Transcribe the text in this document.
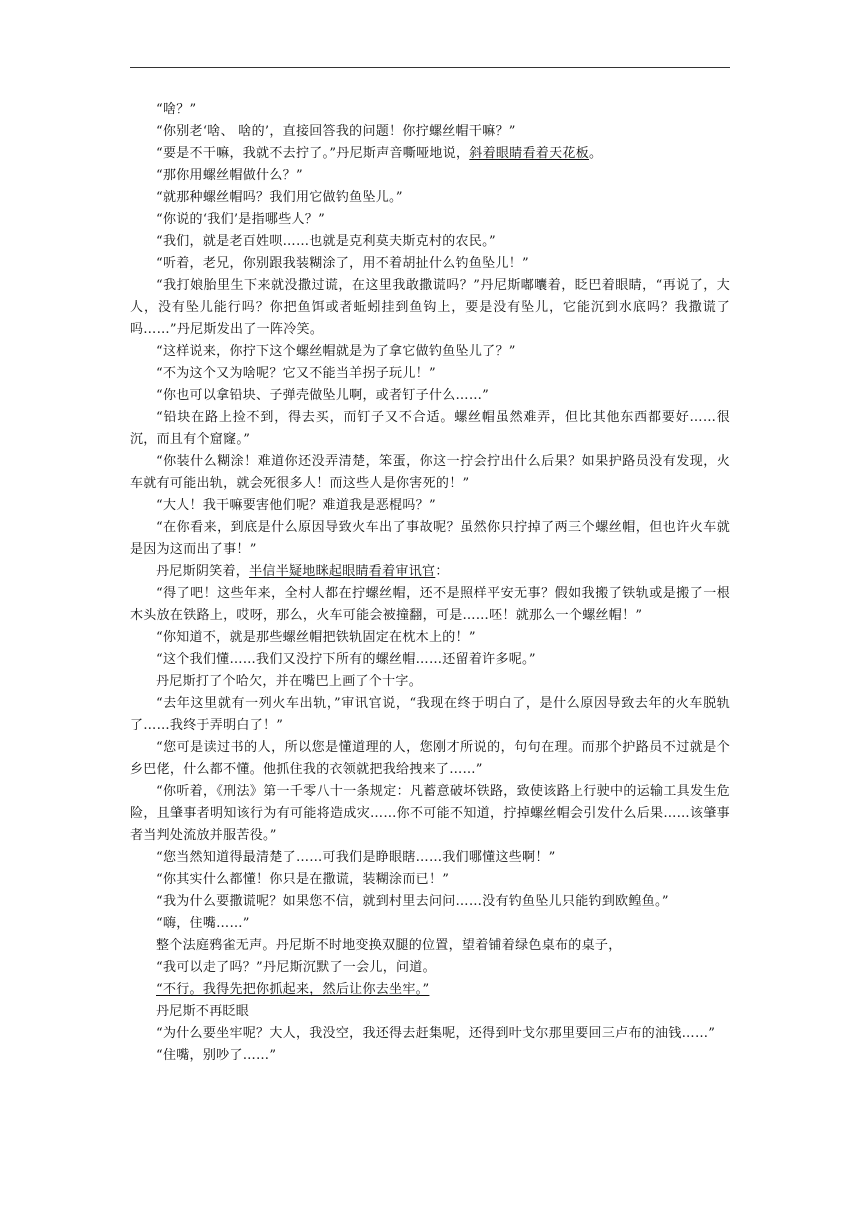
“啥？”

“你别老‘啥、 啥的’，直接回答我的问题！你拧螺丝帽干嘛？”

“要是不干嘛，我就不去拧了。”丹尼斯声音嘶哑地说，斜着眼睛看着天花板。

“那你用螺丝帽做什么？”

“就那种螺丝帽吗？我们用它做钓鱼坠儿。”

“你说的‘我们’是指哪些人？”

“我们，就是老百姓呗……也就是克利莫夫斯克村的农民。”

“听着，老兄，你别跟我装糊涂了，用不着胡扯什么钓鱼坠儿！”

“我打娘胎里生下来就没撒过谎，在这里我敢撒谎吗？”丹尼斯嘟囔着，眨巴着眼睛，“再说了，大人，没有坠儿能行吗？你把鱼饵或者蚯蚓挂到鱼钩上，要是没有坠儿，它能沉到水底吗？我撒谎了吗……”丹尼斯发出了一阵冷笑。

“这样说来，你拧下这个螺丝帽就是为了拿它做钓鱼坠儿了？”

“不为这个又为啥呢？它又不能当羊拐子玩儿！”

“你也可以拿铅块、子弹壳做坠儿啊，或者钉子什么……”

“铅块在路上捡不到，得去买，而钉子又不合适。螺丝帽虽然难弄，但比其他东西都要好……很沉，而且有个窟窿。”

“你装什么糊涂！难道你还没弄清楚，笨蛋，你这一拧会拧出什么后果？如果护路员没有发现，火车就有可能出轨，就会死很多人！而这些人是你害死的！”

“大人！我干嘛要害他们呢？难道我是恶棍吗？”

“在你看来，到底是什么原因导致火车出了事故呢？虽然你只拧掉了两三个螺丝帽，但也许火车就是因为这而出了事！”

丹尼斯阴笑着，半信半疑地眯起眼睛看着审讯官：

“得了吧！这些年来，全村人都在拧螺丝帽，还不是照样平安无事？假如我搬了铁轨或是搬了一根木头放在铁路上，哎呀，那么，火车可能会被撞翻，可是……呸！就那么一个螺丝帽！”

“你知道不，就是那些螺丝帽把铁轨固定在枕木上的！”

“这个我们懂……我们又没拧下所有的螺丝帽……还留着许多呢。”

丹尼斯打了个哈欠，并在嘴巴上画了个十字。

“去年这里就有一列火车出轨，”审讯官说，“我现在终于明白了，是什么原因导致去年的火车脱轨了……我终于弄明白了！”

“您可是读过书的人，所以您是懂道理的人，您刚才所说的，句句在理。而那个护路员不过就是个乡巴佬，什么都不懂。他抓住我的衣领就把我给拽来了……”

“你听着，《刑法》第一千零八十一条规定：凡蓄意破坏铁路，致使该路上行驶中的运输工具发生危险，且肇事者明知该行为有可能将造成灾……你不可能不知道，拧掉螺丝帽会引发什么后果……该肇事者当判处流放并服苦役。”

“您当然知道得最清楚了……可我们是睁眼瞎……我们哪懂这些啊！”

“你其实什么都懂！你只是在撒谎，装糊涂而已！”

“我为什么要撒谎呢？如果您不信，就到村里去问问……没有钓鱼坠儿只能钓到欧鳇鱼。”

“嗨，住嘴……”

整个法庭鸦雀无声。丹尼斯不时地变换双腿的位置，望着铺着绿色桌布的桌子，

“我可以走了吗？”丹尼斯沉默了一会儿，问道。

“不行。我得先把你抓起来，然后让你去坐牢。”

丹尼斯不再眨眼

“为什么要坐牢呢？大人，我没空，我还得去赶集呢，还得到叶戈尔那里要回三卢布的油钱……”

“住嘴，别吵了……”
